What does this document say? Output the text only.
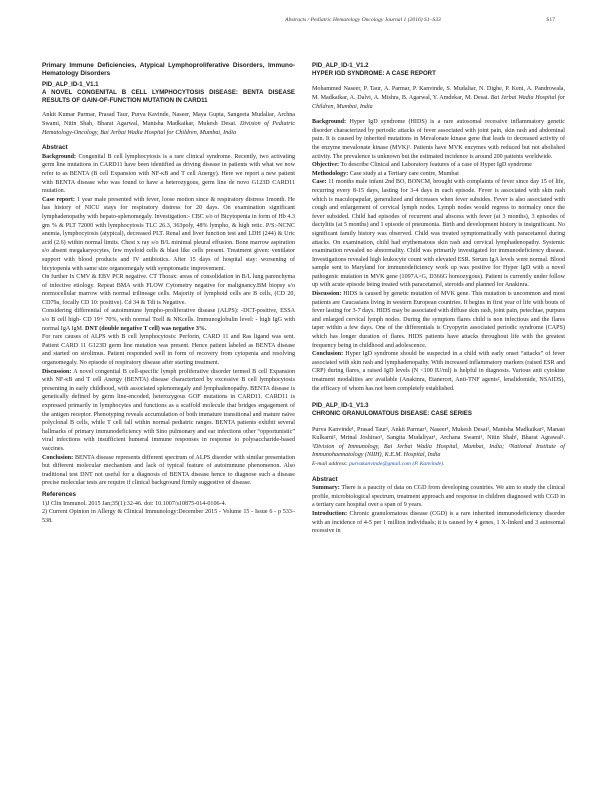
Abstracts / Pediatric Hematology Oncology Journal 1 (2016) S1–S33	S17

Primary Immune Deficiencies, Atypical Lymphoproliferative Disorders, Immuno-Hematology Disorders

PID_ALP_ID-1_V1.1

A NOVEL CONGENITAL B CELL LYMPHOCYTOSIS DISEASE: BENTA DISEASE RESULTS OF GAIN-OF-FUNCTION MUTATION IN CARD11

Ankit Kumar Parmar, Prasad Taur, Purva Kavinde, Naseer, Maya Gupta, Sangeeta Mudaliar, Archna Swami, Nitin Shah, Bharat Agarwal, Manisha Madkaikar, Mukesh Desai. Division of Pediatric Hematology-Oncology, Bai Jerbai Wadia Hospital for Children, Mumbai, India

Abstract

Background: Congenital B cell lymphocytosis is a rare clinical syndrome. Recently, two activating germ line mutations in CARD11 have been identified as driving disease in patients with what we now refer to as BENTA (B cell Expansion with NF-κB and T cell Anergy). Here we report a new patient with BENTA disease who was found to have a heterozygous, germ line de novo G123D CARD11 mutation.

Case report: 1 year male presented with fever, loose motion since & respiratory distress 1month. He has history of NICU stays for respiratory distress for 20 days. On examination significant lymphadenopathy with hepato-splenomegaly. Investigation:- CBC s/o of Bicytopenia in form of Hb 4.3 gm % & PLT 72000 with lymphocytosis TLC 26.3, 363poly, 48% lympho, & high retic. P/S:-NCNC anemia, lymphocytosis (atypical), decreased PLT. Renal and liver function test and LDH (244) & Uric acid (2.6) within normal limits. Chest x ray s/o B/L minimal pleural effusion. Bone marrow aspiration s/o absent megakaryocytes, few myeloid cells & blast like cells present. Treatment given: ventilator support with blood products and IV antibiotics. After 15 days of hospital stay: worsening of bicytopenia with same size organomegaly with symptomatic improvement.

On further Ix CMV & EBV PCR negative. CT Thorax: areas of consolidation in B/L lung parenchyma of infective etiology. Repeat BMA with FLOW Cytometry negative for malignancy.BM biopsy s/o normocellular marrow with normal trilineage cells. Majority of lymphoid cells are B cells, (CD 20, CD79a, focally CD 10: positive). Cd 34 & Tdt is Negative.

Considering differential of autoimmune lympho-proliferative disease (ALPS): -DCT-positive, ESSA s/o B cell high- CD 19+ 70%, with normal Tcell & NKcells. Immunoglobulin level: - high IgG with normal IgA IgM. DNT (double negative T cell) was negative 3%.

For rare causes of ALPS with B cell lymphocytosis: Perforin, CARD 11 and Ras ligand was sent. Patient CARD 11 G123D germ line mutation was present. Hence patient labeled as BENTA disease and started on sirolimus. Patient responded well in form of recovery from cytopenia and resolving organomegaly. No episode of respiratory disease after starting treatment.

Discussion: A novel congenital B cell-specific lymph proliferative disorder termed B cell Expansion with NF-κB and T cell Anergy (BENTA) disease characterized by excessive B cell lymphocytosis presenting in early childhood, with associated splenomegaly and lymphadenopathy. BENTA disease is genetically defined by germ line-encoded, heterozygous GOF mutations in CARD11. CARD11 is expressed primarily in lymphocytes and functions as a scaffold molecule that bridges engagement of the antigen receptor. Phenotyping reveals accumulation of both immature transitional and mature naïve polyclonal B cells, while T cell fall within normal pediatric ranges. BENTA patients exhibit several hallmarks of primary immunodeficiency with Sino pulmonary and ear infections other “opportunistic” viral infections with insufficient humeral immune responses in response to polysaccharide-based vaccines.

Conclusion: BENTA disease represents different spectrum of ALPS disorder with similar presentation but different molecular mechanism and lack of typical feature of autoimmune phenomenon. Also traditional test DNT not useful for a diagnosis of BENTA disease hence to diagnose such a disease precise molecular tests are require if clinical background firmly suggestive of disease.

References

1)J Clin Immunol. 2015 Jan;35(1):32-46. doi: 10.1007/s10875-014-0106-4.

2) Current Opinion in Allergy & Clinical Immunology:December 2015 - Volume 15 - Issue 6 - p 533–538.

PID_ALP_ID-1_V1.2

HYPER IGD SYNDROME: A CASE REPORT

Mohammed Naseer, P. Taur, A. Parmar, P. Kanvinde, S. Mudaliar, N. Dighe, P. Keni, A. Pandrowala, M. Madkaikar, A. Dalvi, A. Mishra, B. Agarwal, Y. Amdekar, M. Desai. Bai Jerbai Wadia Hospital for Children, Mumbai, India

Background: Hyper IgD syndrome (HIDS) is a rare autosomal recessive inflammatory genetic disorder characterized by periodic attacks of fever associated with joint pain, skin rash and abdominal pain. It is caused by inherited mutations in Mevalonate kinase gene that leads to decreased activity of the enzyme mevalonate kinase (MVK)¹. Patients have MVK enzymes with reduced but not abolished activity. The prevalence is unknown but the estimated incidence is around 200 patients worldwide.

Objective: To describe Clinical and Laboratory features of a case of Hyper IgD syndrome

Methodology: Case study at a Tertiary care centre, Mumbai

Case: 11 months male infant 2nd BO, BONCM, brought with complaints of fever since day 15 of life, recurring every 8-15 days, lasting for 3-4 days in each episode. Fever is associated with skin rash which is maculopapular, generalized and decreases when fever subsides. Fever is also associated with cough and enlargement of cervical lymph nodes. Lymph nodes would regress to normalcy once the fever subsided. Child had episodes of recurrent anal abscess with fever (at 3 months), 3 episodes of dactylitis (at 5 months) and 1 episode of pneumonia. Birth and development history is insignificant. No significant family history was observed. Child was treated symptomatically with paracetamol during attacks. On examination, child had erythematous skin rash and cervical lymphadenopathy. Systemic examination revealed no abnormality. Child was primarily investigated for immunodeficiency disease. Investigations revealed high leukocyte count with elevated ESR. Serum IgA levels were normal. Blood sample sent to Maryland for immunodeficiency work up was positive for Hyper IgD with a novel pathogenic mutation in MVK gene (1097A>G, D366G homozygous). Patient is currently under follow up with acute episode being treated with paracetamol, steroids and planned for Anakinra.

Discussion: HIDS is caused by genetic mutation of MVK gene. This mutation is uncommon and most patients are Caucasians living in western European countries. It begins in first year of life with bouts of fever lasting for 3-7 days. HIDS may be associated with diffuse skin rash, joint pain, petechiae, purpura and enlarged cervical lymph nodes. During the symptom flares child is non infectious and the flares taper within a few days. One of the differentials is Cryopyrin associated periodic syndrome (CAPS) which has longer duration of flares. HIDS patients have attacks throughout life with the greatest frequency being in childhood and adolescence.

Conclusion: Hyper IgD syndrome should be suspected in a child with early onset “attacks” of fever associated with skin rash and lymphadenopathy. With increased inflammatory markers (raised ESR and CRP) during flares, a raised IgD levels (N <100 IU/ml) is helpful in diagnosis. Various anti cytokine treatment modalities are available (Anakinra, Etanercet, Anti-TNF agents², lenalidomide, NSAIDS), the efficacy of whom has not been completely established.

PID_ALP_ID-1_V1.3

CHRONIC GRANULOMATOUS DISEASE: CASE SERIES

Purva Kanvinde¹, Prasad Taur¹, Ankit Parmar¹, Naseer¹, Mukesh Desai¹, Manisha Madkaikar², Manasi Kulkarni², Mrinal Joshirao¹, Sangita Mudaliyar¹, Archana Swami¹, Nitin Shah¹, Bharat Agrawal¹. ¹Division of Immunology, Bai Jerbai Wadia Hospital, Mumbai, India; ²National Institute of Immunohaematology (NIIH), K.E.M. Hospital, India

E-mail address: purvakanvinde@gmail.com (P. Kanvinde).

Abstract

Summary: There is a paucity of data on CGD from developing countries. We aim to study the clinical profile, microbiological spectrum, treatment approach and response in children diagnosed with CGD in a tertiary care hospital over a span of 9 years.

Introduction: Chronic granulomatous disease (CGD) is a rare inherited immunodeficiency disorder with an incidence of 4-5 per 1 million individuals; it is caused by 4 genes, 1 X-linked and 3 autosomal recessive in
